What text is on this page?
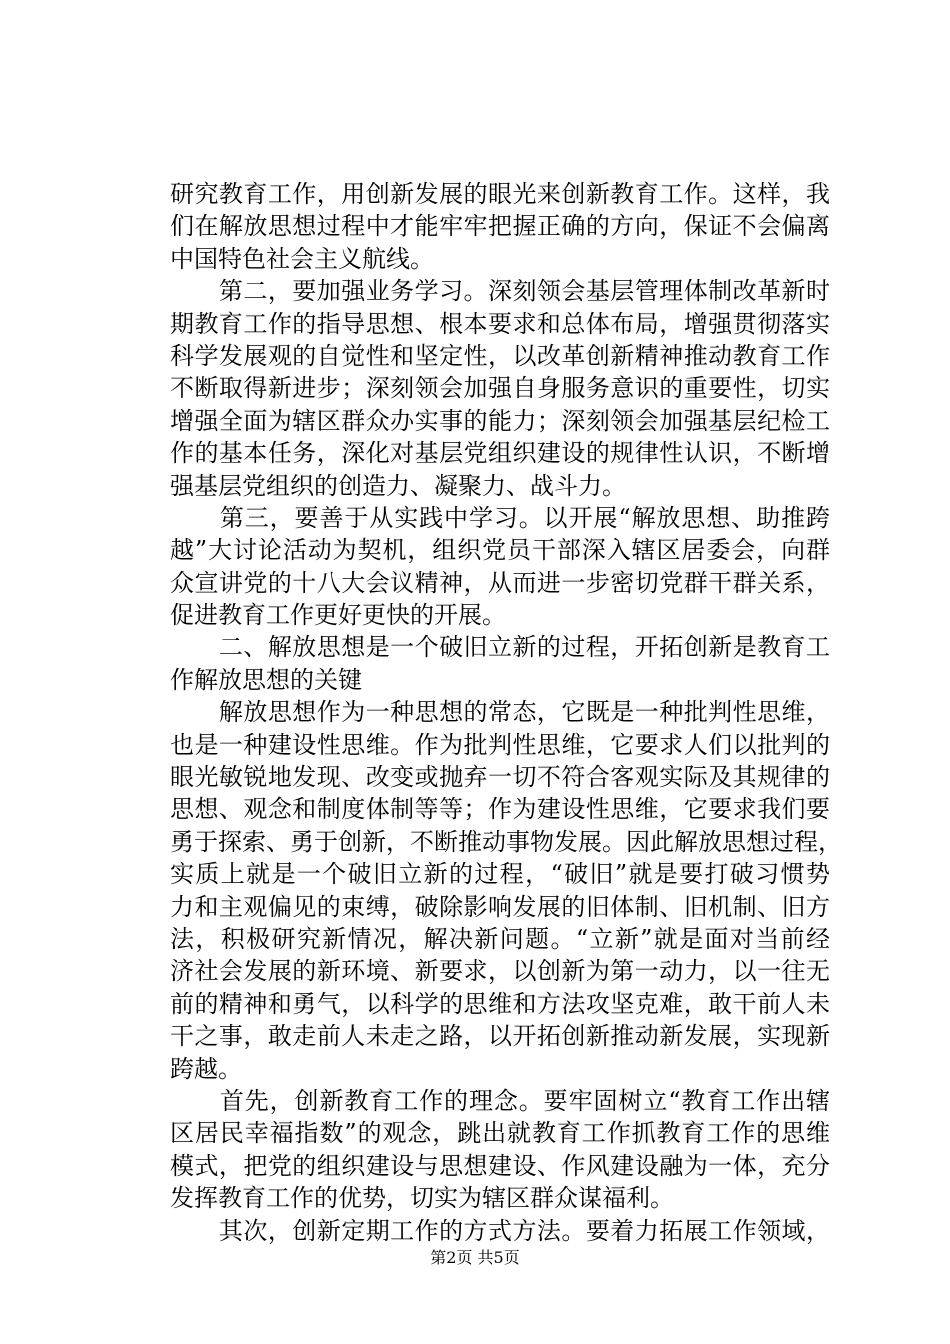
研究教育工作，用创新发展的眼光来创新教育工作。这样，我
们在解放思想过程中才能牢牢把握正确的方向，保证不会偏离
中国特色社会主义航线。
　　第二，要加强业务学习。深刻领会基层管理体制改革新时
期教育工作的指导思想、根本要求和总体布局，增强贯彻落实
科学发展观的自觉性和坚定性，以改革创新精神推动教育工作
不断取得新进步；深刻领会加强自身服务意识的重要性，切实
增强全面为辖区群众办实事的能力；深刻领会加强基层纪检工
作的基本任务，深化对基层党组织建设的规律性认识，不断增
强基层党组织的创造力、凝聚力、战斗力。
　　第三，要善于从实践中学习。以开展“解放思想、助推跨
越”大讨论活动为契机，组织党员干部深入辖区居委会，向群
众宣讲党的十八大会议精神，从而进一步密切党群干群关系，
促进教育工作更好更快的开展。
　　二、解放思想是一个破旧立新的过程，开拓创新是教育工
作解放思想的关键
　　解放思想作为一种思想的常态，它既是一种批判性思维，
也是一种建设性思维。作为批判性思维，它要求人们以批判的
眼光敏锐地发现、改变或抛弃一切不符合客观实际及其规律的
思想、观念和制度体制等等；作为建设性思维，它要求我们要
勇于探索、勇于创新，不断推动事物发展。因此解放思想过程，
实质上就是一个破旧立新的过程，“破旧”就是要打破习惯势
力和主观偏见的束缚，破除影响发展的旧体制、旧机制、旧方
法，积极研究新情况，解决新问题。“立新”就是面对当前经
济社会发展的新环境、新要求，以创新为第一动力，以一往无
前的精神和勇气，以科学的思维和方法攻坚克难，敢干前人未
干之事，敢走前人未走之路，以开拓创新推动新发展，实现新
跨越。
　　首先，创新教育工作的理念。要牢固树立“教育工作出辖
区居民幸福指数”的观念，跳出就教育工作抓教育工作的思维
模式，把党的组织建设与思想建设、作风建设融为一体，充分
发挥教育工作的优势，切实为辖区群众谋福利。
　　其次，创新定期工作的方式方法。要着力拓展工作领域，
第2页 共5页
